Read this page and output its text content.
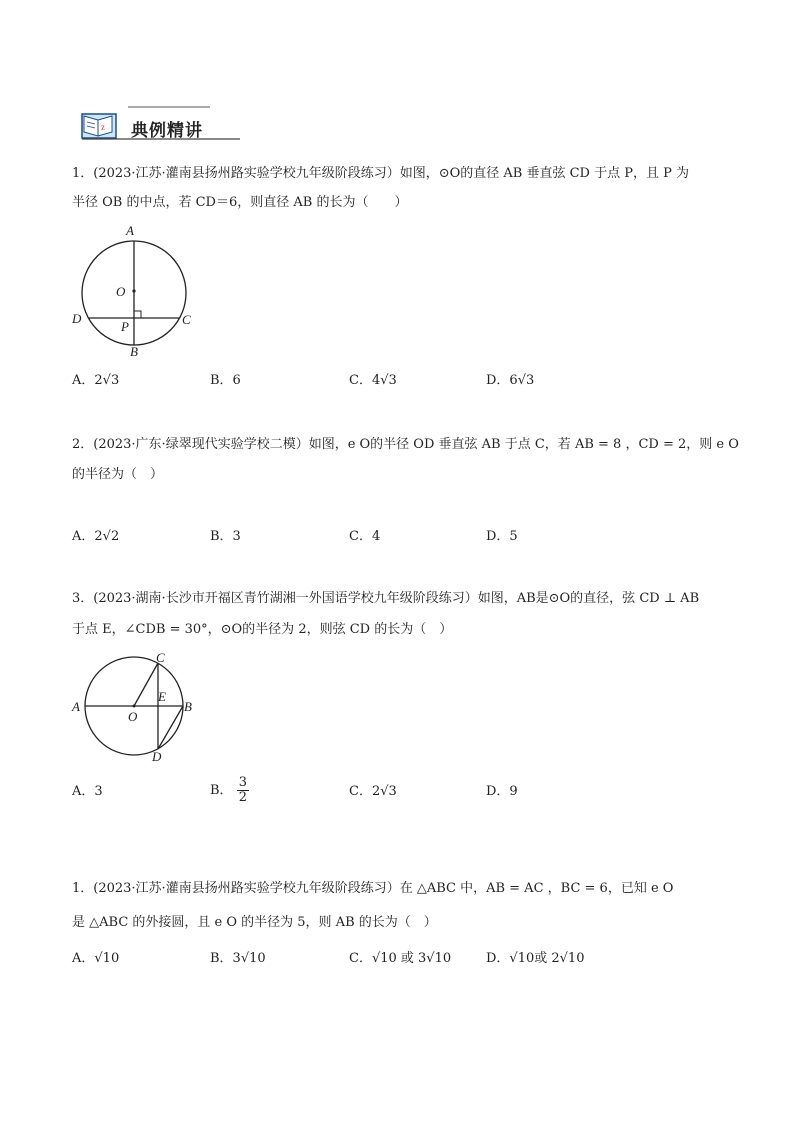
z 典例精讲
1．(2023·江苏·灌南县扬州路实验学校九年级阶段练习）如图，⊙O的直径 AB 垂直弦 CD 于点 P，且 P 为
半径 OB 的中点，若 CD＝6，则直径 AB 的长为（　　）
A
O
D
P	C
B
A．2√3	B．6	C．4√3	D．6√3
2．(2023·广东·绿翠现代实验学校二模）如图，e O的半径 OD 垂直弦 AB 于点 C，若 AB = 8 ，CD = 2，则 e O
的半径为（　）
A．2√2	B．3	C．4	D．5
3．(2023·湖南·长沙市开福区青竹湖湘一外国语学校九年级阶段练习）如图，AB是⊙O的直径，弦 CD ⊥ AB
于点 E，∠CDB = 30°，⊙O的半径为 2，则弦 CD 的长为（　）
A
O
E
C
B
D
A．3	B． $\frac{3}{2}$	C．2√3	D．9
1．(2023·江苏·灌南县扬州路实验学校九年级阶段练习）在 △ABC 中，AB = AC ，BC = 6，已知 e O
是 △ABC 的外接圆，且 e O 的半径为 5，则 AB 的长为（　）
A．√10	B．3√10	C．√10 或 3√10	D．√10或 2√10
